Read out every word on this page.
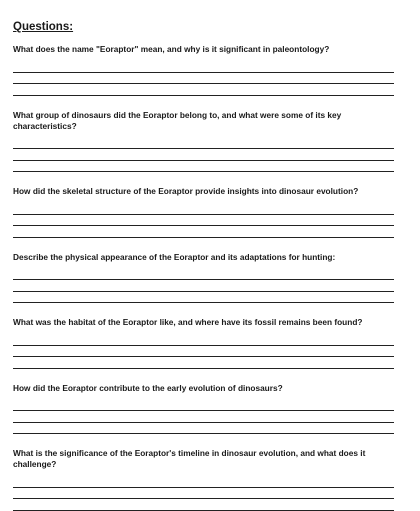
Questions:
What does the name "Eoraptor" mean, and why is it significant in paleontology?
What group of dinosaurs did the Eoraptor belong to, and what were some of its key characteristics?
How did the skeletal structure of the Eoraptor provide insights into dinosaur evolution?
Describe the physical appearance of the Eoraptor and its adaptations for hunting:
What was the habitat of the Eoraptor like, and where have its fossil remains been found?
How did the Eoraptor contribute to the early evolution of dinosaurs?
What is the significance of the Eoraptor's timeline in dinosaur evolution, and what does it challenge?
